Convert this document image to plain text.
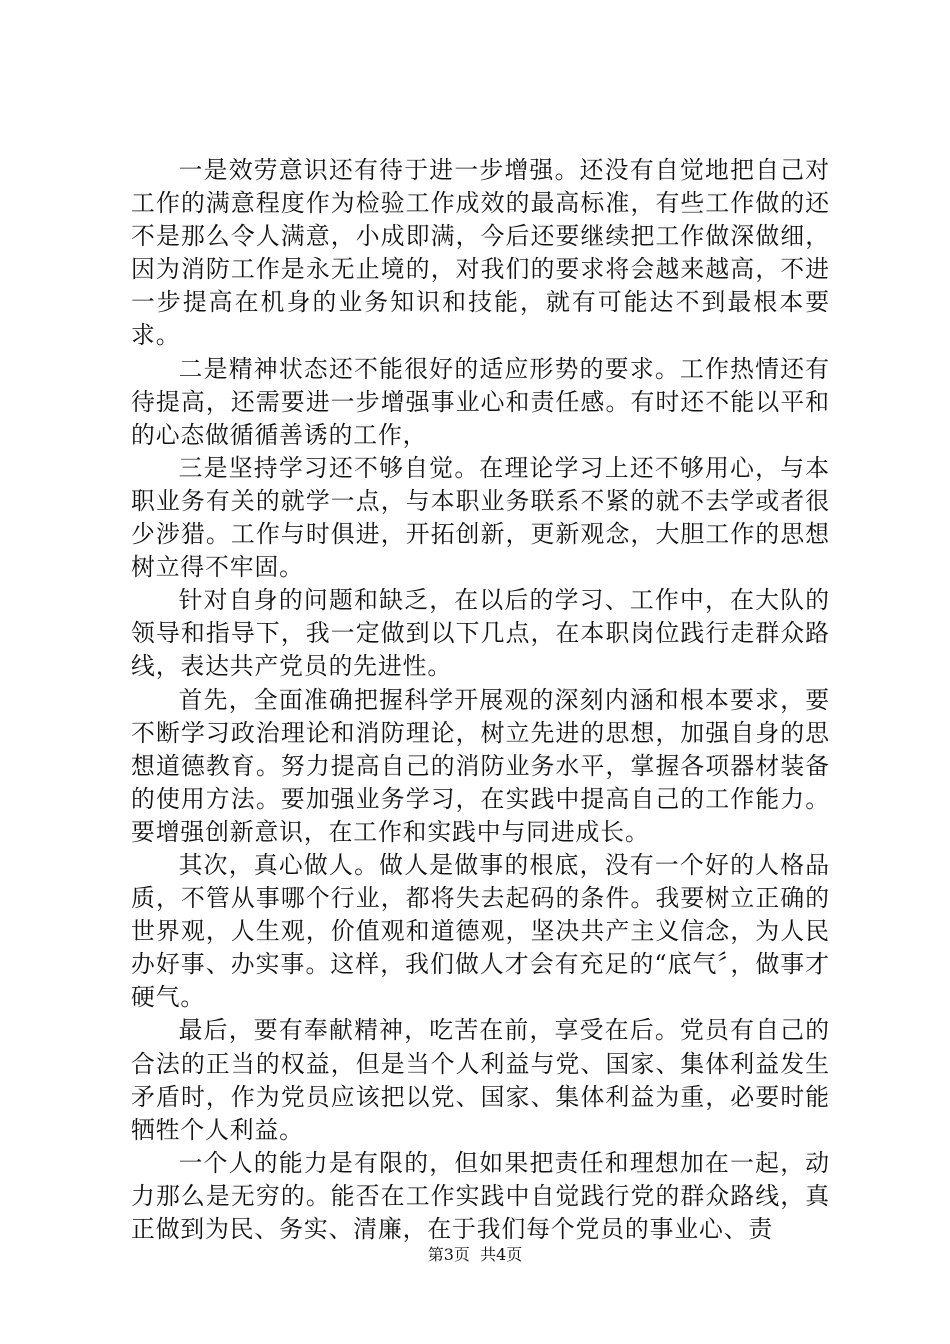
一是效劳意识还有待于进一步增强。还没有自觉地把自己对工作的满意程度作为检验工作成效的最高标准，有些工作做的还不是那么令人满意，小成即满，今后还要继续把工作做深做细，因为消防工作是永无止境的，对我们的要求将会越来越高，不进一步提高在机身的业务知识和技能，就有可能达不到最根本要求。

二是精神状态还不能很好的适应形势的要求。工作热情还有待提高，还需要进一步增强事业心和责任感。有时还不能以平和的心态做循循善诱的工作，

三是坚持学习还不够自觉。在理论学习上还不够用心，与本职业务有关的就学一点，与本职业务联系不紧的就不去学或者很少涉猎。工作与时俱进，开拓创新，更新观念，大胆工作的思想树立得不牢固。

针对自身的问题和缺乏，在以后的学习、工作中，在大队的领导和指导下，我一定做到以下几点，在本职岗位践行走群众路线，表达共产党员的先进性。

首先，全面准确把握科学开展观的深刻内涵和根本要求，要不断学习政治理论和消防理论，树立先进的思想，加强自身的思想道德教育。努力提高自己的消防业务水平，掌握各项器材装备的使用方法。要加强业务学习，在实践中提高自己的工作能力。要增强创新意识，在工作和实践中与同进成长。

其次，真心做人。做人是做事的根底，没有一个好的人格品质，不管从事哪个行业，都将失去起码的条件。我要树立正确的世界观，人生观，价值观和道德观，坚决共产主义信念，为人民办好事、办实事。这样，我们做人才会有充足的“底气〞，做事才硬气。

最后，要有奉献精神，吃苦在前，享受在后。党员有自己的合法的正当的权益，但是当个人利益与党、国家、集体利益发生矛盾时，作为党员应该把以党、国家、集体利益为重，必要时能牺牲个人利益。

一个人的能力是有限的，但如果把责任和理想加在一起，动力那么是无穷的。能否在工作实践中自觉践行党的群众路线，真正做到为民、务实、清廉，在于我们每个党员的事业心、责

第3页  共4页
